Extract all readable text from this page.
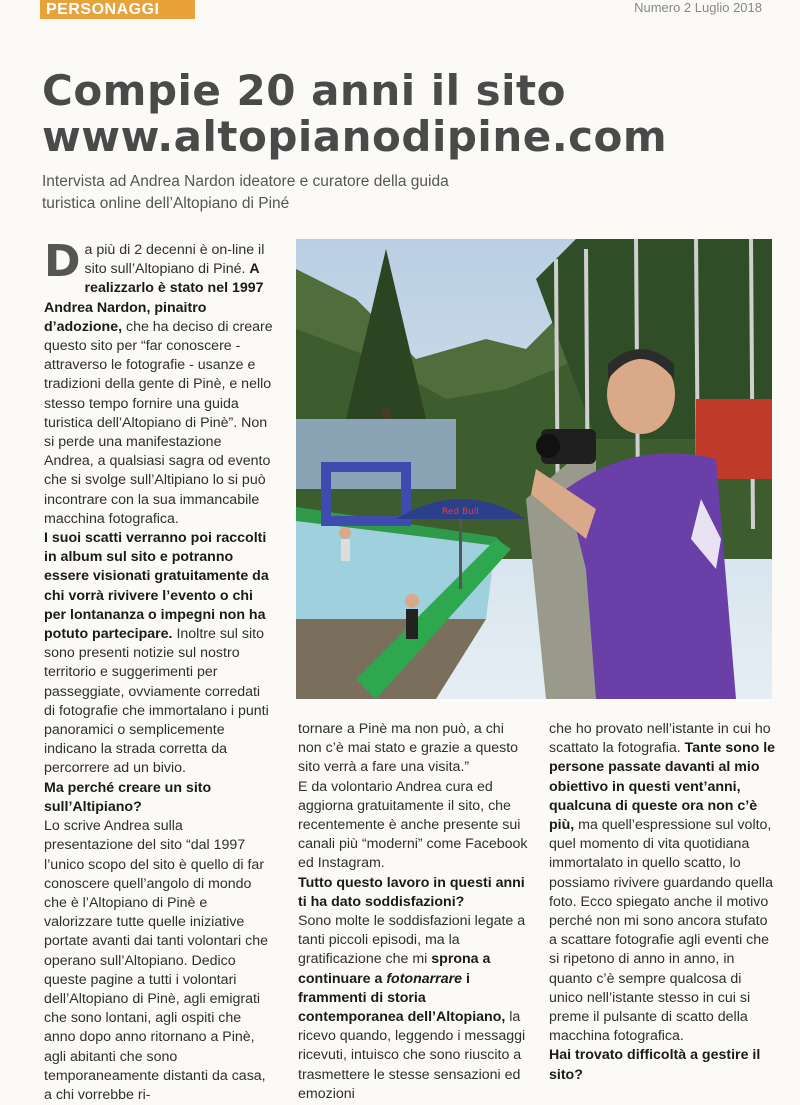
PERSONAGGI	Numero 2 Luglio 2018
Compie 20 anni il sito
www.altopianodipine.com

Intervista ad Andrea Nardon ideatore e curatore della guida turistica online dell’Altopiano di Piné

Da più di 2 decenni è on-line il sito sull’Altopiano di Piné. A realizzarlo è stato nel 1997 Andrea Nardon, pinaitro d’adozione, che ha deciso di creare questo sito per “far conoscere - attraverso le fotografie - usanze e tradizioni della gente di Pinè, e nello stesso tempo fornire una guida turistica dell’Altopiano di Pinè”. Non si perde una manifestazione Andrea, a qualsiasi sagra od evento che si svolge sull’Altipiano lo si può incontrare con la sua immancabile macchina fotografica.

I suoi scatti verranno poi raccolti in album sul sito e potranno essere visionati gratuitamente da chi vorrà rivivere l’evento o chi per lontananza o impegni non ha potuto partecipare. Inoltre sul sito sono presenti notizie sul nostro territorio e suggerimenti per passeggiate, ovviamente corredati di fotografie che immortalano i punti panoramici o semplicemente indicano la strada corretta da percorrere ad un bivio.

Ma perché creare un sito sull’Altipiano?

Lo scrive Andrea sulla presentazione del sito “dal 1997 l’unico scopo del sito è quello di far conoscere quell’angolo di mondo che è l’Altopiano di Pinè e valorizzare tutte quelle iniziative portate avanti dai tanti volontari che operano sull’Altopiano. Dedico queste pagine a tutti i volontari dell’Altopiano di Pinè, agli emigrati che sono lontani, agli ospiti che anno dopo anno ritornano a Pinè, agli abitanti che sono temporaneamente distanti da casa, a chi vorrebbe ri-

Red Bull

tornare a Pinè ma non può, a chi non c’è mai stato e grazie a questo sito verrà a fare una visita.”

E da volontario Andrea cura ed aggiorna gratuitamente il sito, che recentemente è anche presente sui canali più “moderni” come Facebook ed Instagram.

Tutto questo lavoro in questi anni ti ha dato soddisfazioni?

Sono molte le soddisfazioni legate a tanti piccoli episodi, ma la gratificazione che mi sprona a continuare a fotonarrare i frammenti di storia contemporanea dell’Altopiano, la ricevo quando, leggendo i messaggi ricevuti, intuisco che sono riuscito a trasmettere le stesse sensazioni ed emozioni

che ho provato nell’istante in cui ho scattato la fotografia. Tante sono le persone passate davanti al mio obiettivo in questi vent’anni, qualcuna di queste ora non c’è più, ma quell’espressione sul volto, quel momento di vita quotidiana immortalato in quello scatto, lo possiamo rivivere guardando quella foto. Ecco spiegato anche il motivo perché non mi sono ancora stufato a scattare fotografie agli eventi che si ripetono di anno in anno, in quanto c’è sempre qualcosa di unico nell’istante stesso in cui si preme il pulsante di scatto della macchina fotografica.

Hai trovato difficoltà a gestire il sito?
